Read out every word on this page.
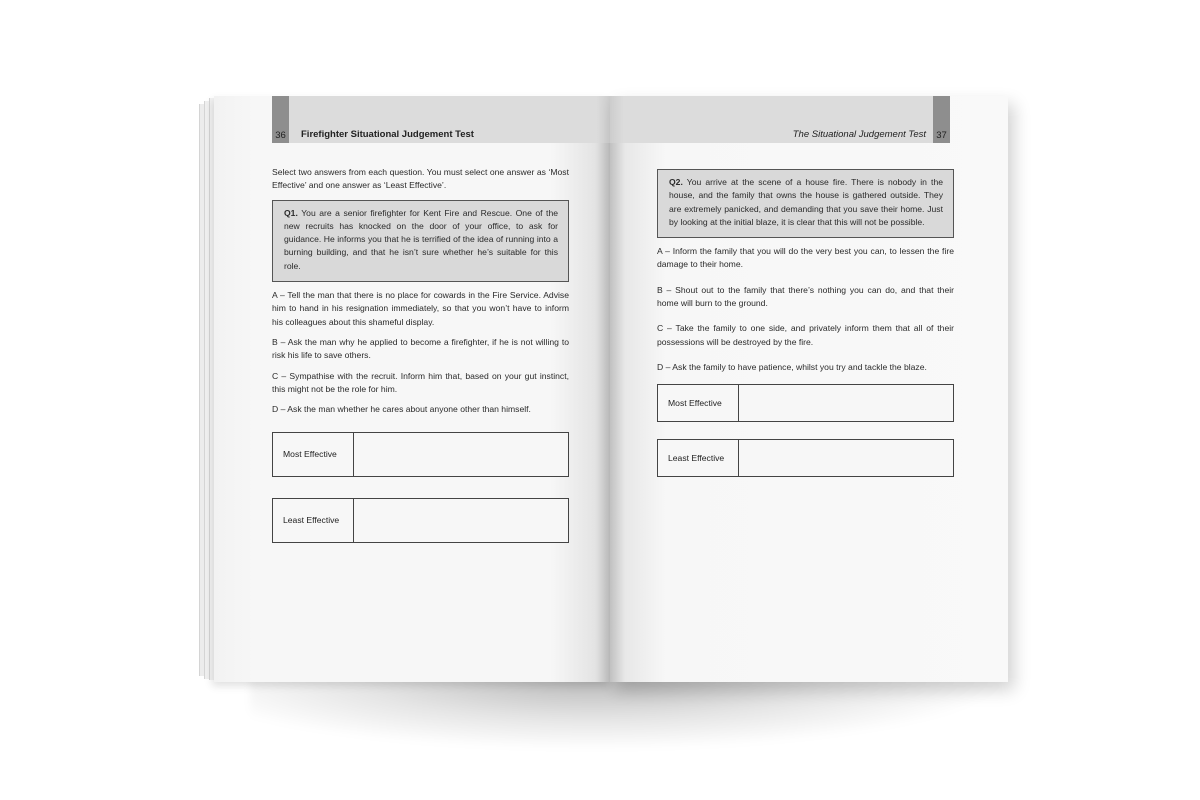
36	Firefighter Situational Judgement Test

Select two answers from each question. You must select one answer as ‘Most Effective’ and one answer as ‘Least Effective’.

Q1. You are a senior firefighter for Kent Fire and Rescue. One of the new recruits has knocked on the door of your office, to ask for guidance. He informs you that he is terrified of the idea of running into a burning building, and that he isn’t sure whether he’s suitable for this role.

A – Tell the man that there is no place for cowards in the Fire Service. Advise him to hand in his resignation immediately, so that you won’t have to inform his colleagues about this shameful display.

B – Ask the man why he applied to become a firefighter, if he is not willing to risk his life to save others.

C – Sympathise with the recruit. Inform him that, based on your gut instinct, this might not be the role for him.

D – Ask the man whether he cares about anyone other than himself.

Most Effective
Least Effective
The Situational Judgement Test	37
Q2. You arrive at the scene of a house fire. There is nobody in the house, and the family that owns the house is gathered outside. They are extremely panicked, and demanding that you save their home. Just by looking at the initial blaze, it is clear that this will not be possible.

A – Inform the family that you will do the very best you can, to lessen the fire damage to their home.

B – Shout out to the family that there’s nothing you can do, and that their home will burn to the ground.

C – Take the family to one side, and privately inform them that all of their possessions will be destroyed by the fire.

D – Ask the family to have patience, whilst you try and tackle the blaze.

Most Effective
Least Effective
